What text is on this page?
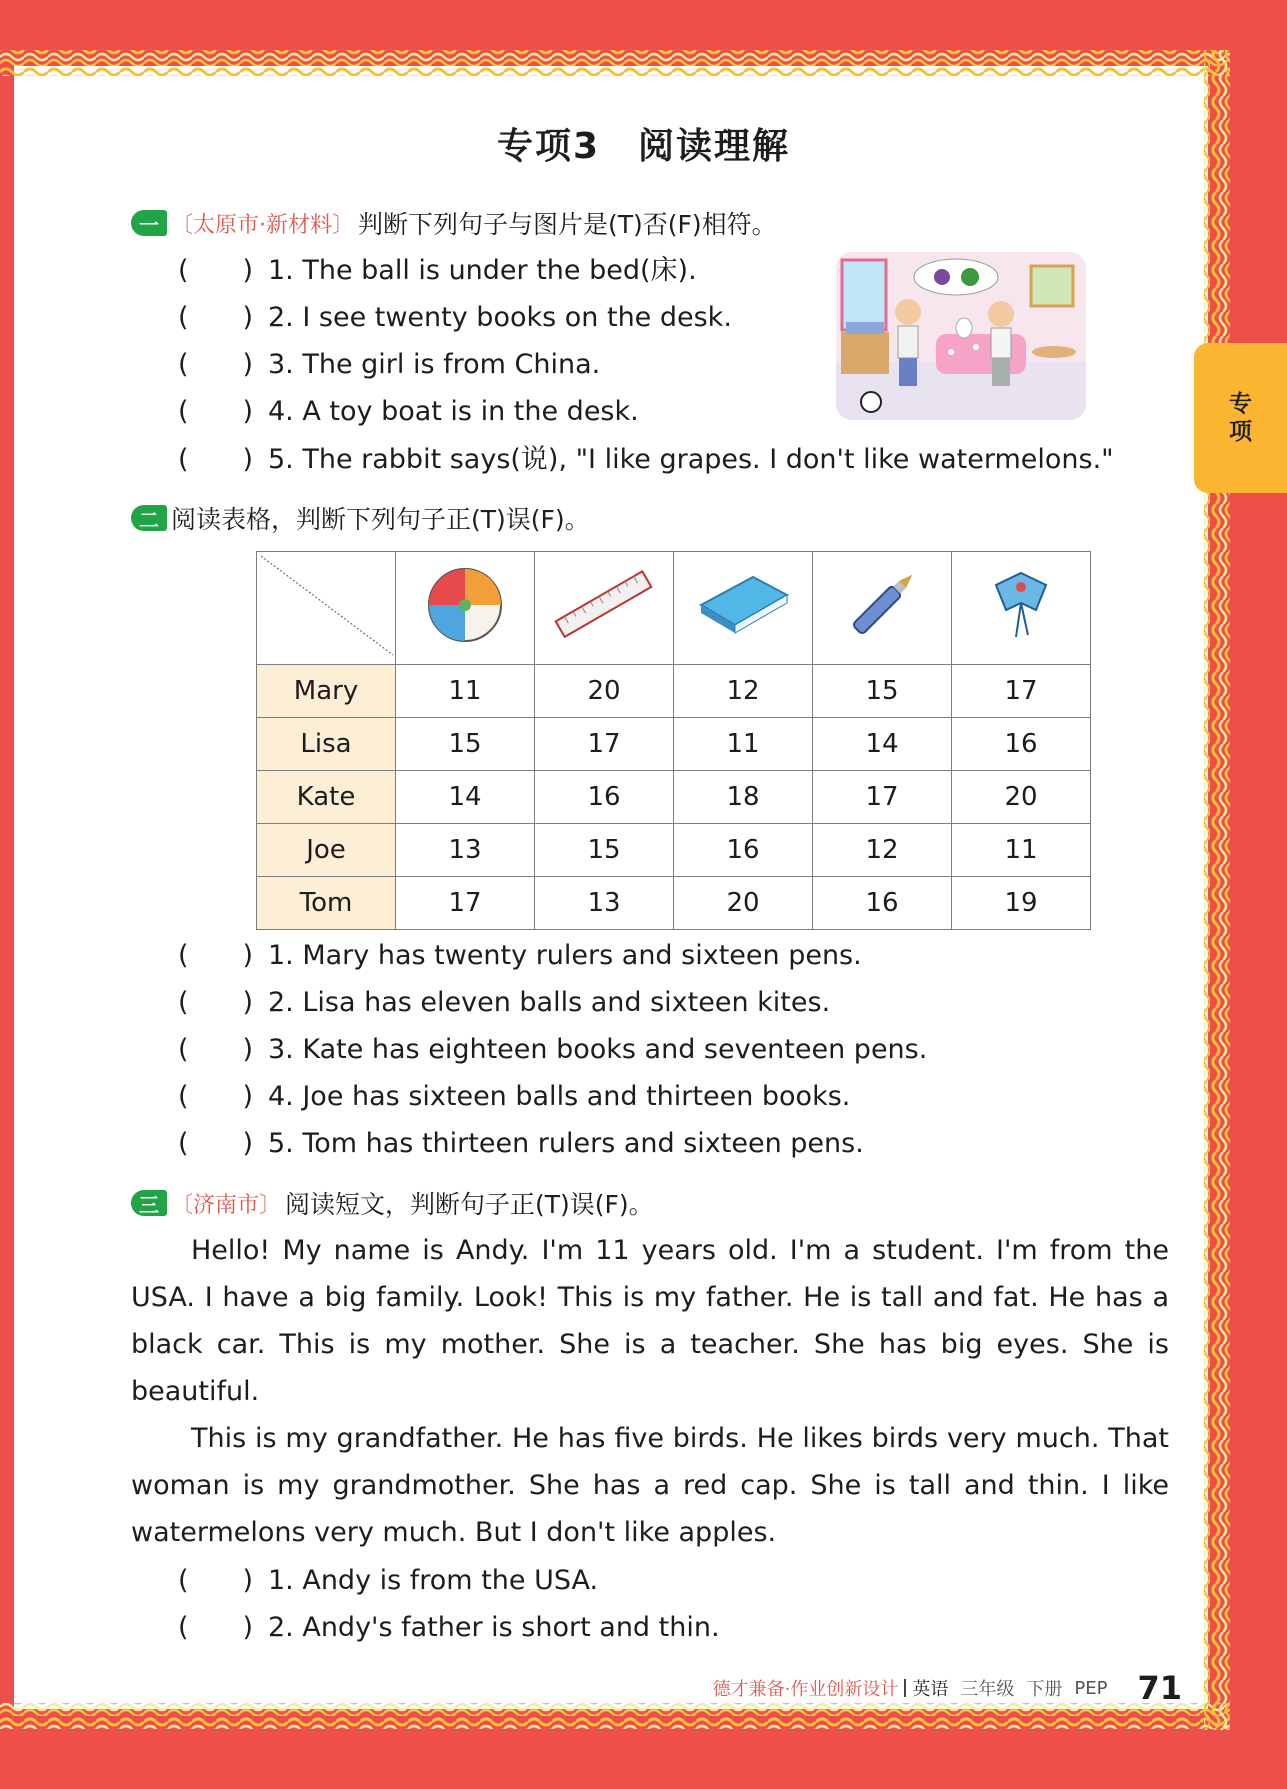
专
项
专项3　阅读理解
一 〔太原市·新材料〕 判断下列句子与图片是(T)否(F)相符。
(　　) 1. The ball is under the bed(床).
(　　) 2. I see twenty books on the desk.
(　　) 3. The girl is from China.
(　　) 4. A toy boat is in the desk.
(　　) 5. The rabbit says(说), "I like grapes. I don't like watermelons."
二 阅读表格，判断下列句子正(T)误(F)。

Mary	11	20	12	15	17
Lisa	15	17	11	14	16
Kate	14	16	18	17	20
Joe	13	15	16	12	11
Tom	17	13	20	16	19
(　　) 1. Mary has twenty rulers and sixteen pens.
(　　) 2. Lisa has eleven balls and sixteen kites.
(　　) 3. Kate has eighteen books and seventeen pens.
(　　) 4. Joe has sixteen balls and thirteen books.
(　　) 5. Tom has thirteen rulers and sixteen pens.
三 〔济南市〕 阅读短文，判断句子正(T)误(F)。

Hello! My name is Andy. I'm 11 years old. I'm a student. I'm from the USA. I have a big family. Look! This is my father. He is tall and fat. He has a black car. This is my mother. She is a teacher. She has big eyes. She is beautiful.

This is my grandfather. He has five birds. He likes birds very much. That woman is my grandmother. She has a red cap. She is tall and thin. I like watermelons very much. But I don't like apples.

(　　) 1. Andy is from the USA.
(　　) 2. Andy's father is short and thin.
德才兼备·作业创新设计 英语 三年级 下册 PEP 71
